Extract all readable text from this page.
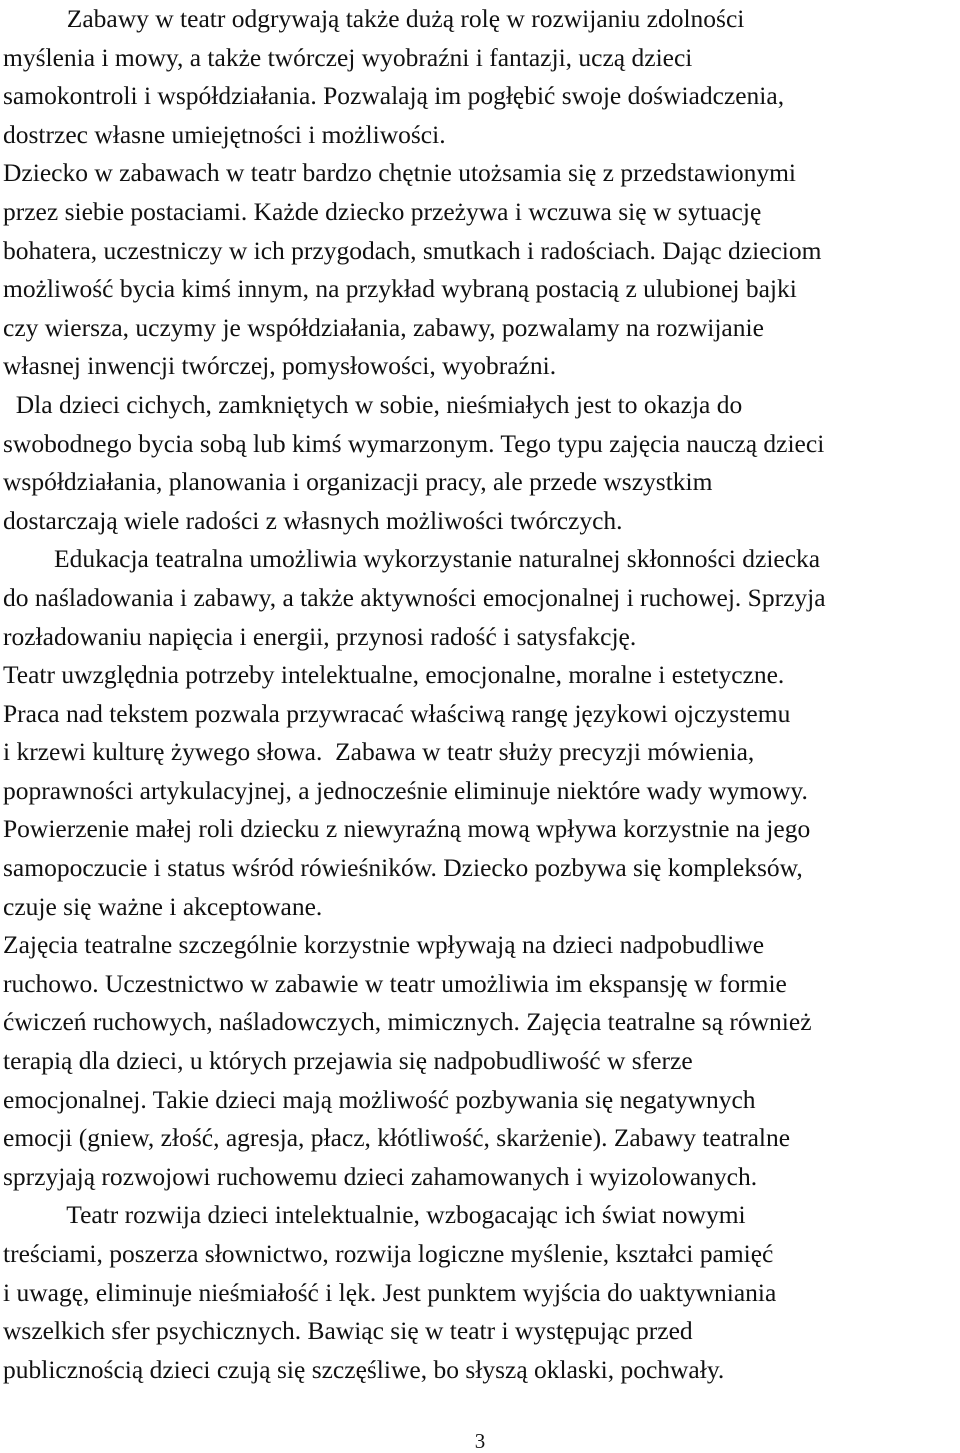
Zabawy w teatr odgrywają także dużą rolę w rozwijaniu zdolności
myślenia i mowy, a także twórczej wyobraźni i fantazji, uczą dzieci
samokontroli i współdziałania. Pozwalają im pogłębić swoje doświadczenia,
dostrzec własne umiejętności i możliwości.
Dziecko w zabawach w teatr bardzo chętnie utożsamia się z przedstawionymi
przez siebie postaciami. Każde dziecko przeżywa i wczuwa się w sytuację
bohatera, uczestniczy w ich przygodach, smutkach i radościach. Dając dzieciom
możliwość bycia kimś innym, na przykład wybraną postacią z ulubionej bajki
czy wiersza, uczymy je współdziałania, zabawy, pozwalamy na rozwijanie
własnej inwencji twórczej, pomysłowości, wyobraźni.
Dla dzieci cichych, zamkniętych w sobie, nieśmiałych jest to okazja do
swobodnego bycia sobą lub kimś wymarzonym. Tego typu zajęcia nauczą dzieci
współdziałania, planowania i organizacji pracy, ale przede wszystkim
dostarczają wiele radości z własnych możliwości twórczych.
Edukacja teatralna umożliwia wykorzystanie naturalnej skłonności dziecka
do naśladowania i zabawy, a także aktywności emocjonalnej i ruchowej. Sprzyja
rozładowaniu napięcia i energii, przynosi radość i satysfakcję.
Teatr uwzględnia potrzeby intelektualne, emocjonalne, moralne i estetyczne.
Praca nad tekstem pozwala przywracać właściwą rangę językowi ojczystemu
i krzewi kulturę żywego słowa.  Zabawa w teatr służy precyzji mówienia,
poprawności artykulacyjnej, a jednocześnie eliminuje niektóre wady wymowy.
Powierzenie małej roli dziecku z niewyraźną mową wpływa korzystnie na jego
samopoczucie i status wśród rówieśników. Dziecko pozbywa się kompleksów,
czuje się ważne i akceptowane.
Zajęcia teatralne szczególnie korzystnie wpływają na dzieci nadpobudliwe
ruchowo. Uczestnictwo w zabawie w teatr umożliwia im ekspansję w formie
ćwiczeń ruchowych, naśladowczych, mimicznych. Zajęcia teatralne są również
terapią dla dzieci, u których przejawia się nadpobudliwość w sferze
emocjonalnej. Takie dzieci mają możliwość pozbywania się negatywnych
emocji (gniew, złość, agresja, płacz, kłótliwość, skarżenie). Zabawy teatralne
sprzyjają rozwojowi ruchowemu dzieci zahamowanych i wyizolowanych.
Teatr rozwija dzieci intelektualnie, wzbogacając ich świat nowymi
treściami, poszerza słownictwo, rozwija logiczne myślenie, kształci pamięć
i uwagę, eliminuje nieśmiałość i lęk. Jest punktem wyjścia do uaktywniania
wszelkich sfer psychicznych. Bawiąc się w teatr i występując przed
publicznością dzieci czują się szczęśliwe, bo słyszą oklaski, pochwały.
3
